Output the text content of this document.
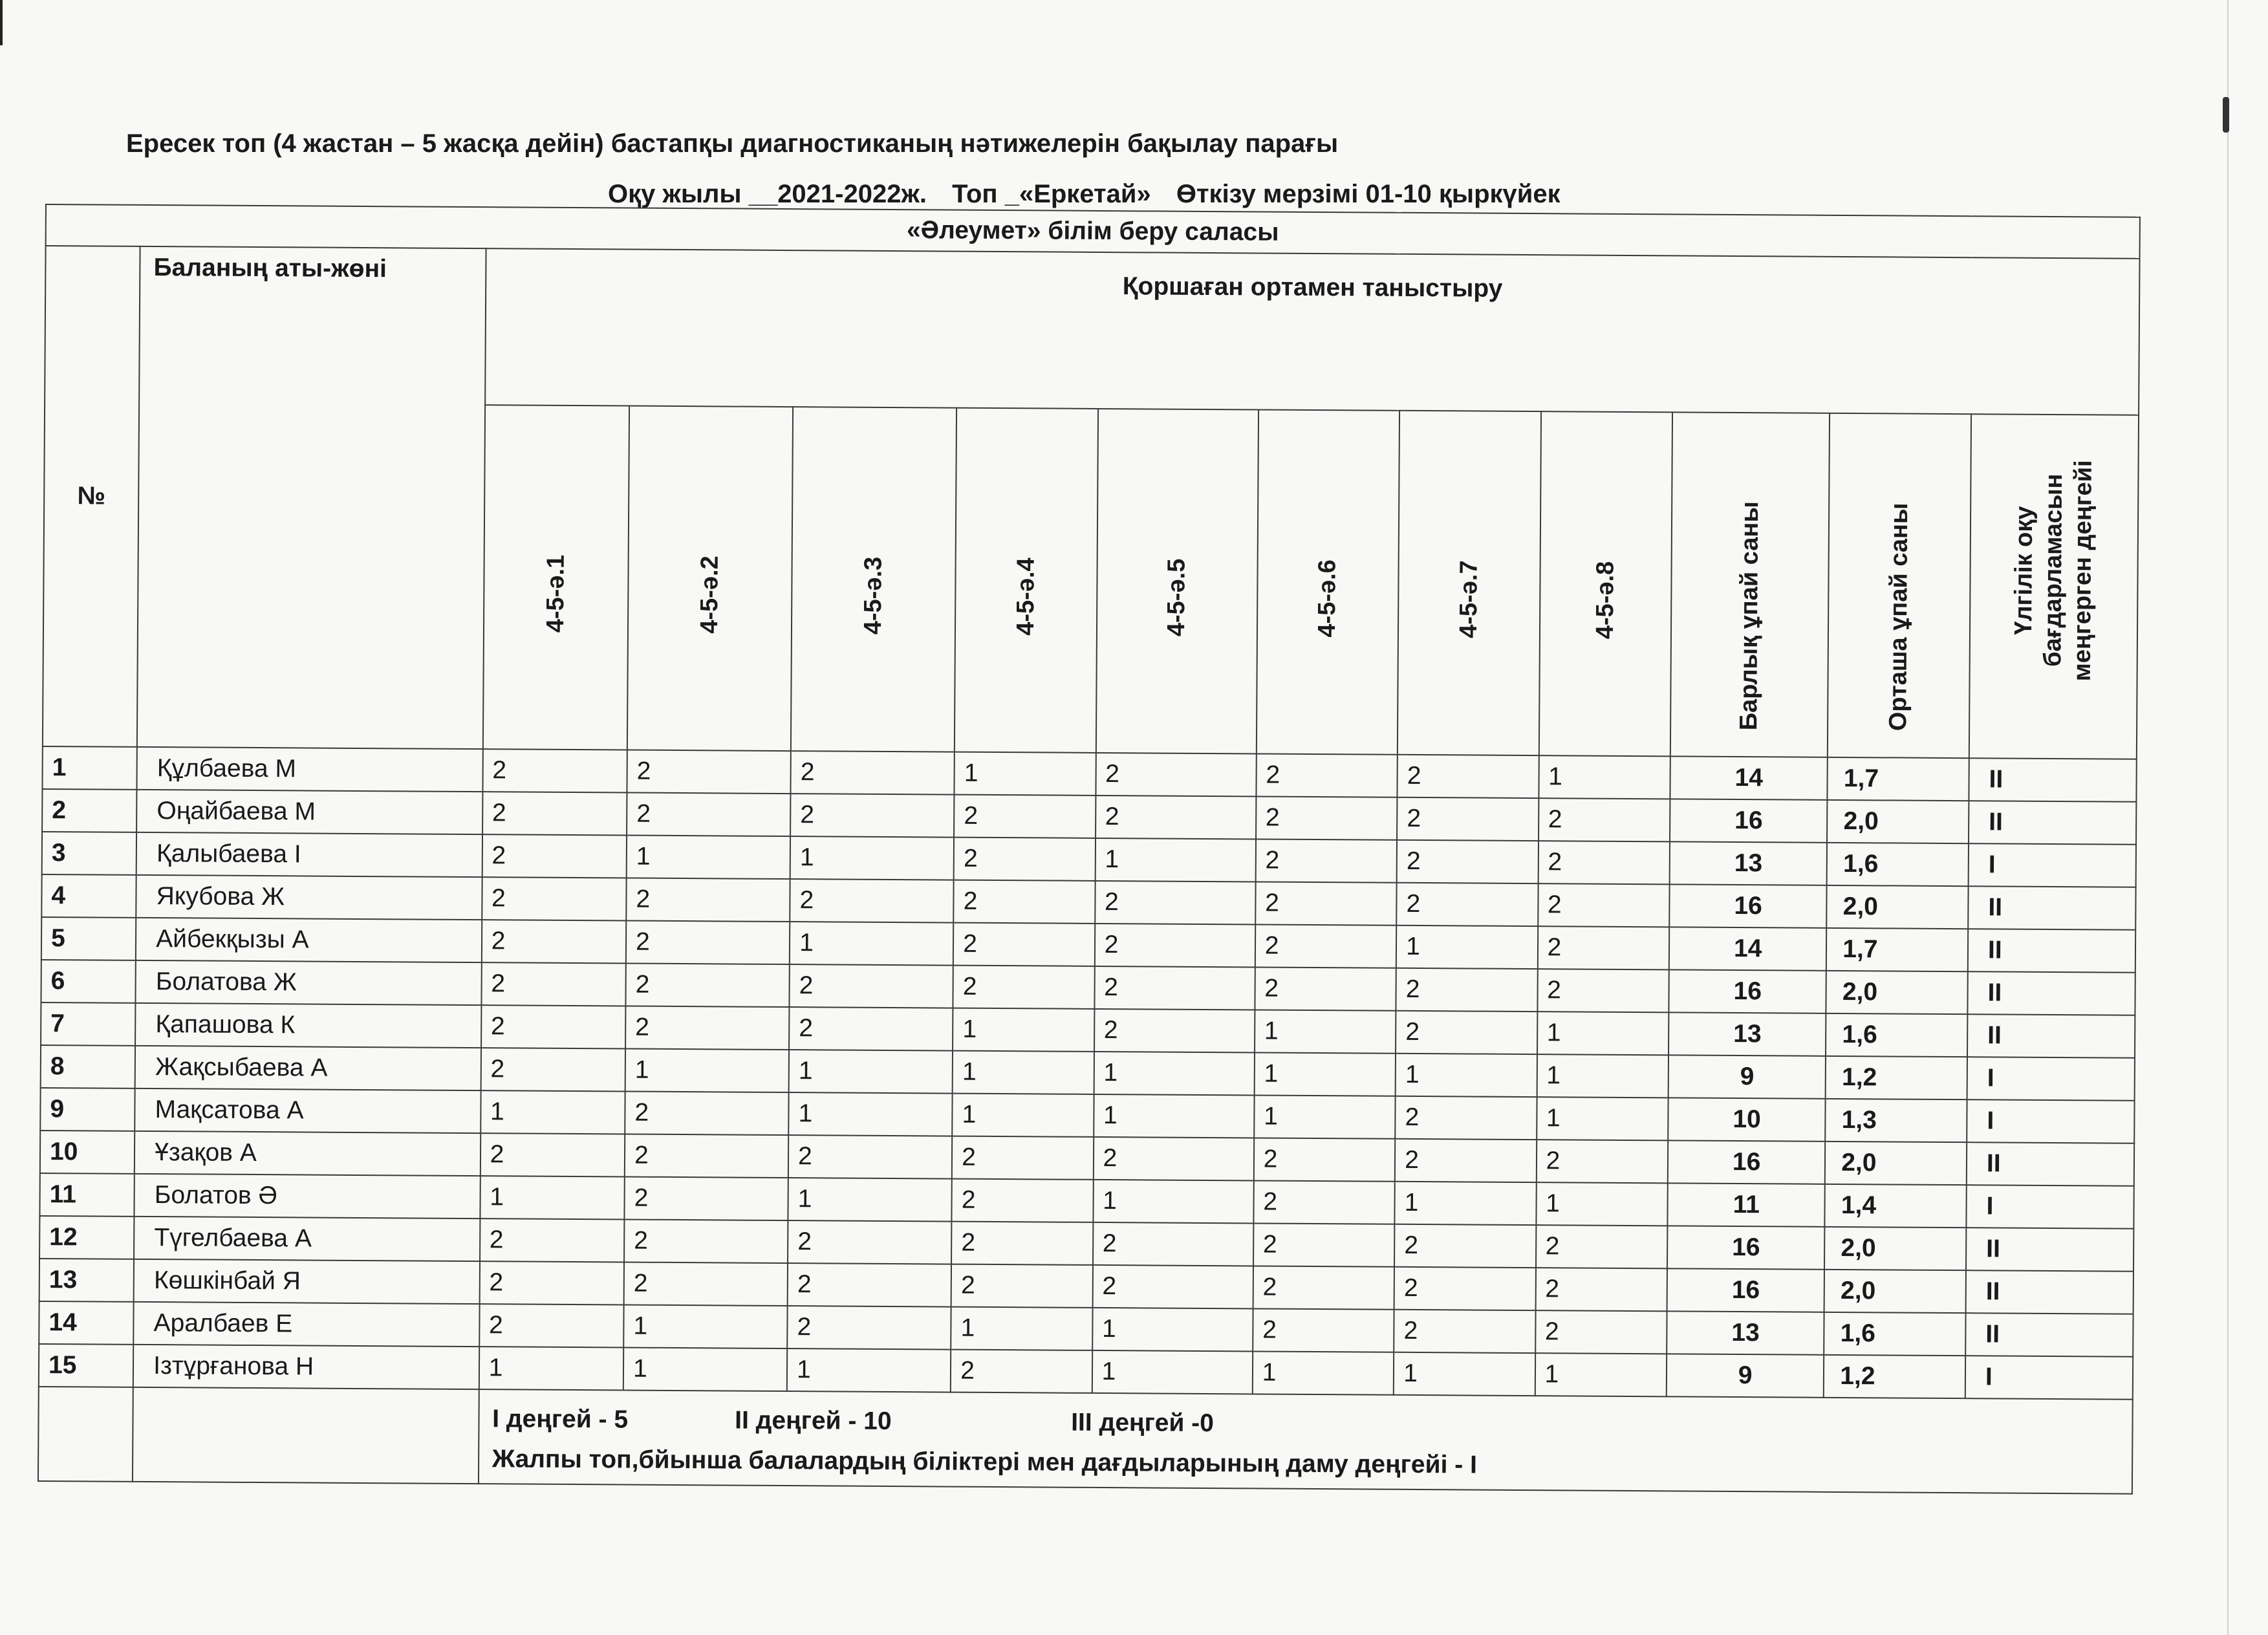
Ересек топ (4 жастан – 5 жасқа дейін) бастапқы диагностиканың нәтижелерін бақылау парағы
Оқу жылы __2021-2022ж. Топ _«Еркетай» Өткізу мерзімі 01-10 қыркүйек
«Әлеумет» білім беру саласы												
№	Баланың аты-жөні	Қоршаған ортамен таныстыру										
		4-5-ә.1	4-5-ә.2	4-5-ә.3	4-5-ә.4	4-5-ә.5	4-5-ә.6	4-5-ә.7	4-5-ә.8	Барлық ұпай саны	Орташа ұпай саны	Үлгілік оқу бағдарламасын меңгерген деңгейі
1	Құлбаева М	2	2	2	1	2	2	2	1	14	1,7	II
2	Оңайбаева М	2	2	2	2	2	2	2	2	16	2,0	II
3	Қалыбаева І	2	1	1	2	1	2	2	2	13	1,6	I
4	Якубова Ж	2	2	2	2	2	2	2	2	16	2,0	II
5	Айбекқызы А	2	2	1	2	2	2	1	2	14	1,7	II
6	Болатова Ж	2	2	2	2	2	2	2	2	16	2,0	II
7	Қапашова К	2	2	2	1	2	1	2	1	13	1,6	II
8	Жақсыбаева А	2	1	1	1	1	1	1	1	9	1,2	I
9	Мақсатова А	1	2	1	1	1	1	2	1	10	1,3	I
10	Ұзақов А	2	2	2	2	2	2	2	2	16	2,0	II
11	Болатов Ә	1	2	1	2	1	2	1	1	11	1,4	I
12	Түгелбаева А	2	2	2	2	2	2	2	2	16	2,0	II
13	Көшкінбай Я	2	2	2	2	2	2	2	2	16	2,0	II
14	Аралбаев Е	2	1	2	1	1	2	2	2	13	1,6	II
15	Ізтұрғанова Н	1	1	1	2	1	1	1	1	9	1,2	I

		I деңгей - 5 II деңгей - 10 III деңгей -0
Жалпы топ,бйынша балалардың біліктері мен дағдыларының даму деңгейі - I										
